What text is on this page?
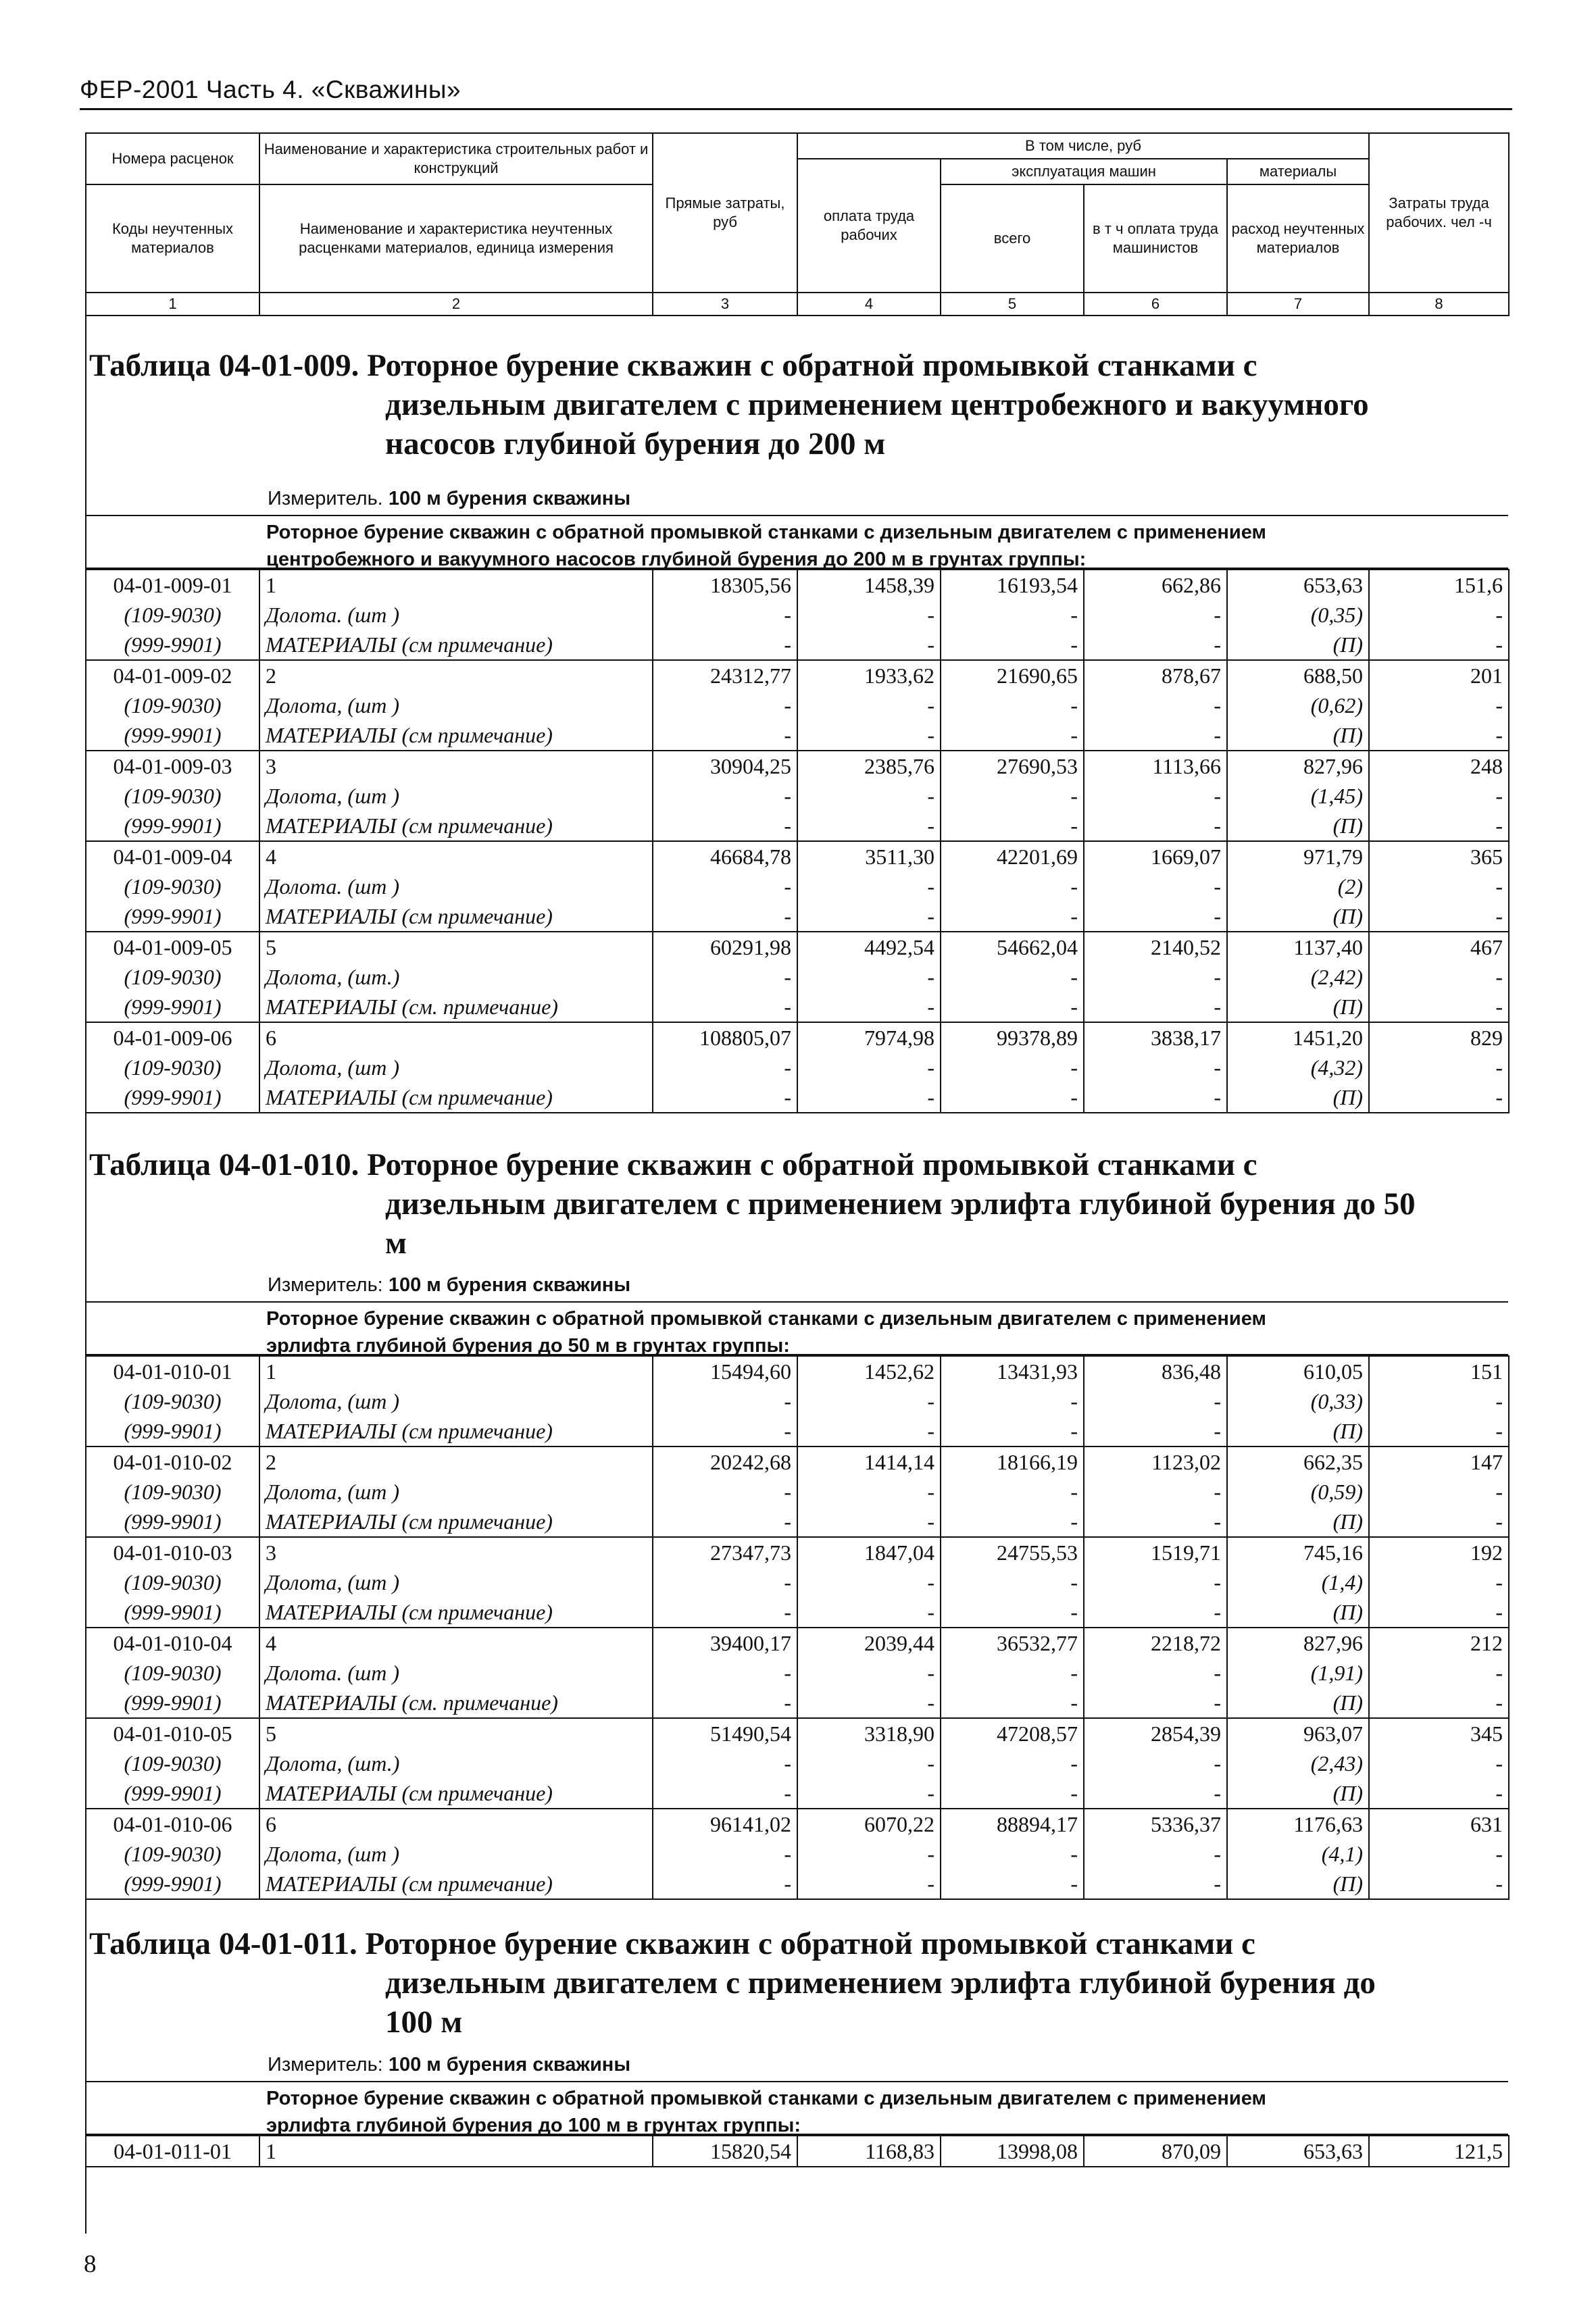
ФЕР-2001 Часть 4. «Скважины»
Номера расценок	Наименование и характеристика строительных работ и конструкций	Прямые затраты, руб	В том числе, руб				Затраты труда рабочих. чел -ч
			оплата труда рабочих	эксплуатация машин		материалы	
Коды неучтенных материалов	Наименование и характеристика неучтенных расценками материалов, единица измерения			всего	в т ч оплата труда машинистов	расход неучтенных материалов	

1	2	3	4	5	6	7	8
Таблица 04-01-009. Роторное бурение скважин с обратной промывкой станками с
дизельным двигателем с применением центробежного и вакуумного
насосов глубиной бурения до 200 м
Измеритель. 100 м бурения скважины
Роторное бурение скважин с обратной промывкой станками с дизельным двигателем с применением
центробежного и вакуумного насосов глубиной бурения до 200 м в грунтах группы:
04-01-009-01	1	18305,56	1458,39	16193,54	662,86	653,63	151,6
(109-9030)	Долота. (шт )	-	-	-	-	(0,35)	-
(999-9901)	МАТЕРИАЛЫ (см примечание)	-	-	-	-	(П)	-
04-01-009-02	2	24312,77	1933,62	21690,65	878,67	688,50	201
(109-9030)	Долота, (шт )	-	-	-	-	(0,62)	-
(999-9901)	МАТЕРИАЛЫ (см примечание)	-	-	-	-	(П)	-
04-01-009-03	3	30904,25	2385,76	27690,53	1113,66	827,96	248
(109-9030)	Долота, (шт )	-	-	-	-	(1,45)	-
(999-9901)	МАТЕРИАЛЫ (см примечание)	-	-	-	-	(П)	-
04-01-009-04	4	46684,78	3511,30	42201,69	1669,07	971,79	365
(109-9030)	Долота. (шт )	-	-	-	-	(2)	-
(999-9901)	МАТЕРИАЛЫ (см примечание)	-	-	-	-	(П)	-
04-01-009-05	5	60291,98	4492,54	54662,04	2140,52	1137,40	467
(109-9030)	Долота, (шт.)	-	-	-	-	(2,42)	-
(999-9901)	МАТЕРИАЛЫ (см. примечание)	-	-	-	-	(П)	-
04-01-009-06	6	108805,07	7974,98	99378,89	3838,17	1451,20	829
(109-9030)	Долота, (шт )	-	-	-	-	(4,32)	-
(999-9901)	МАТЕРИАЛЫ (см примечание)	-	-	-	-	(П)	-
Таблица 04-01-010. Роторное бурение скважин с обратной промывкой станками с
дизельным двигателем с применением эрлифта глубиной бурения до 50
м
Измеритель: 100 м бурения скважины
Роторное бурение скважин с обратной промывкой станками с дизельным двигателем с применением
эрлифта глубиной бурения до 50 м в грунтах группы:
04-01-010-01	1	15494,60	1452,62	13431,93	836,48	610,05	151
(109-9030)	Долота, (шт )	-	-	-	-	(0,33)	-
(999-9901)	МАТЕРИАЛЫ (см примечание)	-	-	-	-	(П)	-
04-01-010-02	2	20242,68	1414,14	18166,19	1123,02	662,35	147
(109-9030)	Долота, (шт )	-	-	-	-	(0,59)	-
(999-9901)	МАТЕРИАЛЫ (см примечание)	-	-	-	-	(П)	-
04-01-010-03	3	27347,73	1847,04	24755,53	1519,71	745,16	192
(109-9030)	Долота, (шт )	-	-	-	-	(1,4)	-
(999-9901)	МАТЕРИАЛЫ (см примечание)	-	-	-	-	(П)	-
04-01-010-04	4	39400,17	2039,44	36532,77	2218,72	827,96	212
(109-9030)	Долота. (шт )	-	-	-	-	(1,91)	-
(999-9901)	МАТЕРИАЛЫ (см. примечание)	-	-	-	-	(П)	-
04-01-010-05	5	51490,54	3318,90	47208,57	2854,39	963,07	345
(109-9030)	Долота, (шт.)	-	-	-	-	(2,43)	-
(999-9901)	МАТЕРИАЛЫ (см примечание)	-	-	-	-	(П)	-
04-01-010-06	6	96141,02	6070,22	88894,17	5336,37	1176,63	631
(109-9030)	Долота, (шт )	-	-	-	-	(4,1)	-
(999-9901)	МАТЕРИАЛЫ (см примечание)	-	-	-	-	(П)	-
Таблица 04-01-011. Роторное бурение скважин с обратной промывкой станками с
дизельным двигателем с применением эрлифта глубиной бурения до
100 м
Измеритель: 100 м бурения скважины
Роторное бурение скважин с обратной промывкой станками с дизельным двигателем с применением
эрлифта глубиной бурения до 100 м в грунтах группы:
04-01-011-01	1	15820,54	1168,83	13998,08	870,09	653,63	121,5
8
